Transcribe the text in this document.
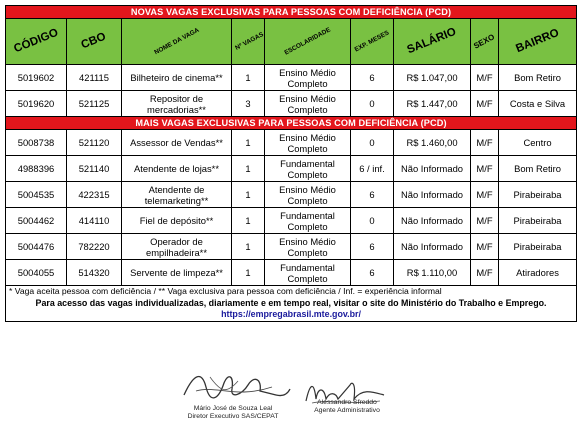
NOVAS VAGAS EXCLUSIVAS PARA PESSOAS COM DEFICIÊNCIA (PCD)								
CÓDIGO	CBO	NOME DA VAGA	Nº VAGAS	ESCOLARIDADE	EXP. MESES	SALÁRIO	SEXO	BAIRRO
5019602	421115	Bilheteiro de cinema**	1	Ensino Médio Completo	6	R$ 1.047,00	M/F	Bom Retiro
5019620	521125	Repositor de mercadorias**	3	Ensino Médio Completo	0	R$ 1.447,00	M/F	Costa e Silva
MAIS VAGAS EXCLUSIVAS PARA PESSOAS COM DEFICIÊNCIA (PCD)								
5008738	521120	Assessor de Vendas**	1	Ensino Médio Completo	0	R$ 1.460,00	M/F	Centro
4988396	521140	Atendente de lojas**	1	Fundamental Completo	6 / inf.	Não Informado	M/F	Bom Retiro
5004535	422315	Atendente de telemarketing**	1	Ensino Médio Completo	6	Não Informado	M/F	Pirabeiraba
5004462	414110	Fiel de depósito**	1	Fundamental Completo	0	Não Informado	M/F	Pirabeiraba
5004476	782220	Operador de empilhadeira**	1	Ensino Médio Completo	6	Não Informado	M/F	Pirabeiraba
5004055	514320	Servente de limpeza**	1	Fundamental Completo	6	R$ 1.110,00	M/F	Atiradores
* Vaga aceita pessoa com deficiência / ** Vaga exclusiva para pessoa com deficiência / Inf. = experiência informal								
Para acesso das vagas individualizadas, diariamente e em tempo real, visitar o site do Ministério do Trabalho e Emprego. https://empregabrasil.mte.gov.br/								
Mário José de Souza Leal
Diretor Executivo SAS/CEPAT
Alessandro Sfreddo
Agente Administrativo
